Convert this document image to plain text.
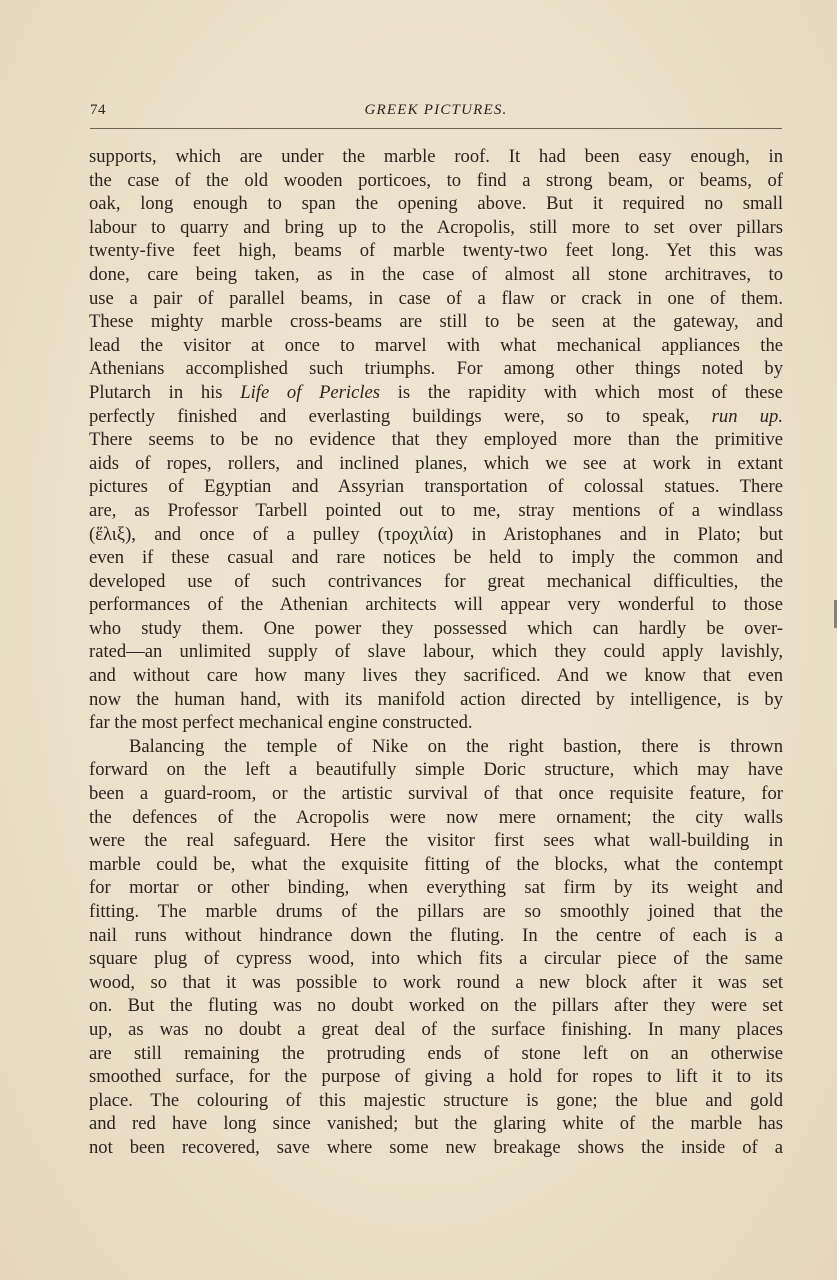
74	GREEK PICTURES.
supports, which are under the marble roof. It had been easy enough, in
the case of the old wooden porticoes, to find a strong beam, or beams, of
oak, long enough to span the opening above. But it required no small
labour to quarry and bring up to the Acropolis, still more to set over pillars
twenty-five feet high, beams of marble twenty-two feet long. Yet this was
done, care being taken, as in the case of almost all stone architraves, to
use a pair of parallel beams, in case of a flaw or crack in one of them.
These mighty marble cross-beams are still to be seen at the gateway, and
lead the visitor at once to marvel with what mechanical appliances the
Athenians accomplished such triumphs. For among other things noted by
Plutarch in his Life of Pericles is the rapidity with which most of these
perfectly finished and everlasting buildings were, so to speak, run up.
There seems to be no evidence that they employed more than the primitive
aids of ropes, rollers, and inclined planes, which we see at work in extant
pictures of Egyptian and Assyrian transportation of colossal statues. There
are, as Professor Tarbell pointed out to me, stray mentions of a windlass
(ἕλιξ), and once of a pulley (τροχιλία) in Aristophanes and in Plato; but
even if these casual and rare notices be held to imply the common and
developed use of such contrivances for great mechanical difficulties, the
performances of the Athenian architects will appear very wonderful to those
who study them. One power they possessed which can hardly be over-
rated—an unlimited supply of slave labour, which they could apply lavishly,
and without care how many lives they sacrificed. And we know that even
now the human hand, with its manifold action directed by intelligence, is by
far the most perfect mechanical engine constructed.
Balancing the temple of Nike on the right bastion, there is thrown
forward on the left a beautifully simple Doric structure, which may have
been a guard-room, or the artistic survival of that once requisite feature, for
the defences of the Acropolis were now mere ornament; the city walls
were the real safeguard. Here the visitor first sees what wall-building in
marble could be, what the exquisite fitting of the blocks, what the contempt
for mortar or other binding, when everything sat firm by its weight and
fitting. The marble drums of the pillars are so smoothly joined that the
nail runs without hindrance down the fluting. In the centre of each is a
square plug of cypress wood, into which fits a circular piece of the same
wood, so that it was possible to work round a new block after it was set
on. But the fluting was no doubt worked on the pillars after they were set
up, as was no doubt a great deal of the surface finishing. In many places
are still remaining the protruding ends of stone left on an otherwise
smoothed surface, for the purpose of giving a hold for ropes to lift it to its
place. The colouring of this majestic structure is gone; the blue and gold
and red have long since vanished; but the glaring white of the marble has
not been recovered, save where some new breakage shows the inside of a
